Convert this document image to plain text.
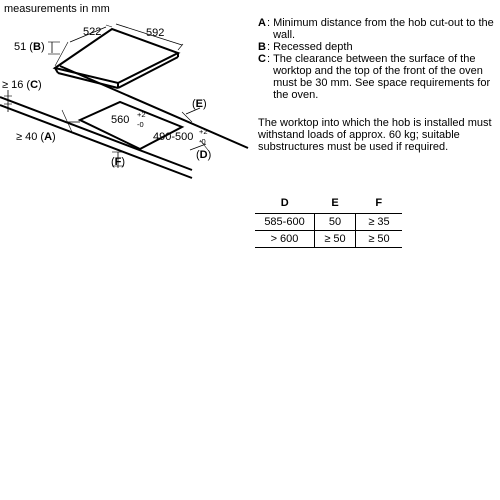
measurements in mm
522	592
51 (B)
≥ 16 (C)
≥ 40 (A)
560 +2
-0
490-500 +2
-0
(E)
(D)
(F)
A : Minimum distance from the hob cut-out to the wall.
B : Recessed depth
C : The clearance between the surface of the worktop and the top of the front of the oven must be 30 mm. See space requirements for the oven.
The worktop into which the hob is installed must withstand loads of approx. 60 kg; suitable substructures must be used if required.
D	E	F
585-600	50	≥ 35
> 600	≥ 50	≥ 50
